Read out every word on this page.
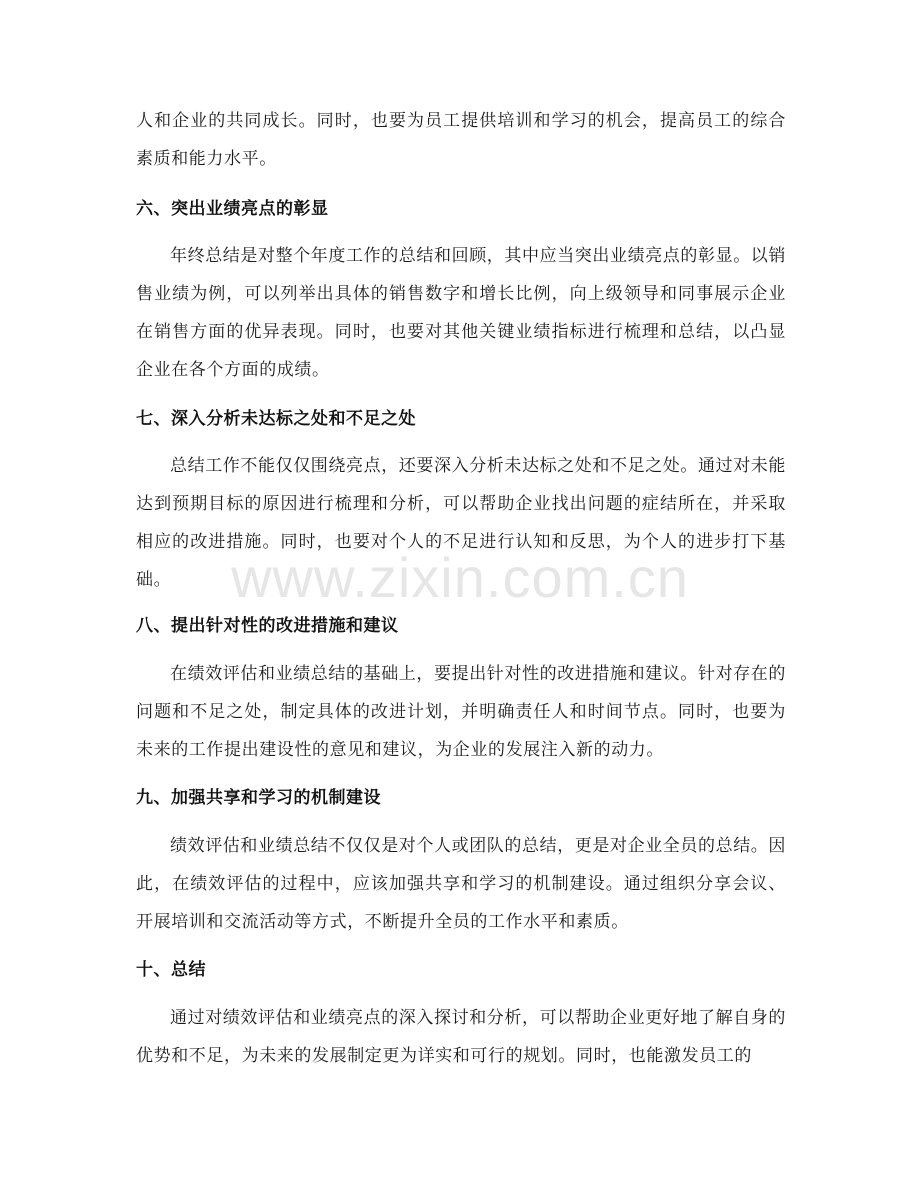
人和企业的共同成长。同时，也要为员工提供培训和学习的机会，提高员工的综合素质和能力水平。

六、突出业绩亮点的彰显

年终总结是对整个年度工作的总结和回顾，其中应当突出业绩亮点的彰显。以销售业绩为例，可以列举出具体的销售数字和增长比例，向上级领导和同事展示企业在销售方面的优异表现。同时，也要对其他关键业绩指标进行梳理和总结，以凸显企业在各个方面的成绩。

七、深入分析未达标之处和不足之处

总结工作不能仅仅围绕亮点，还要深入分析未达标之处和不足之处。通过对未能达到预期目标的原因进行梳理和分析，可以帮助企业找出问题的症结所在，并采取相应的改进措施。同时，也要对个人的不足进行认知和反思，为个人的进步打下基础。

八、提出针对性的改进措施和建议

在绩效评估和业绩总结的基础上，要提出针对性的改进措施和建议。针对存在的问题和不足之处，制定具体的改进计划，并明确责任人和时间节点。同时，也要为未来的工作提出建设性的意见和建议，为企业的发展注入新的动力。

九、加强共享和学习的机制建设

绩效评估和业绩总结不仅仅是对个人或团队的总结，更是对企业全员的总结。因此，在绩效评估的过程中，应该加强共享和学习的机制建设。通过组织分享会议、开展培训和交流活动等方式，不断提升全员的工作水平和素质。

十、总结

通过对绩效评估和业绩亮点的深入探讨和分析，可以帮助企业更好地了解自身的优势和不足，为未来的发展制定更为详实和可行的规划。同时，也能激发员工的

www.zixin.com.cn
